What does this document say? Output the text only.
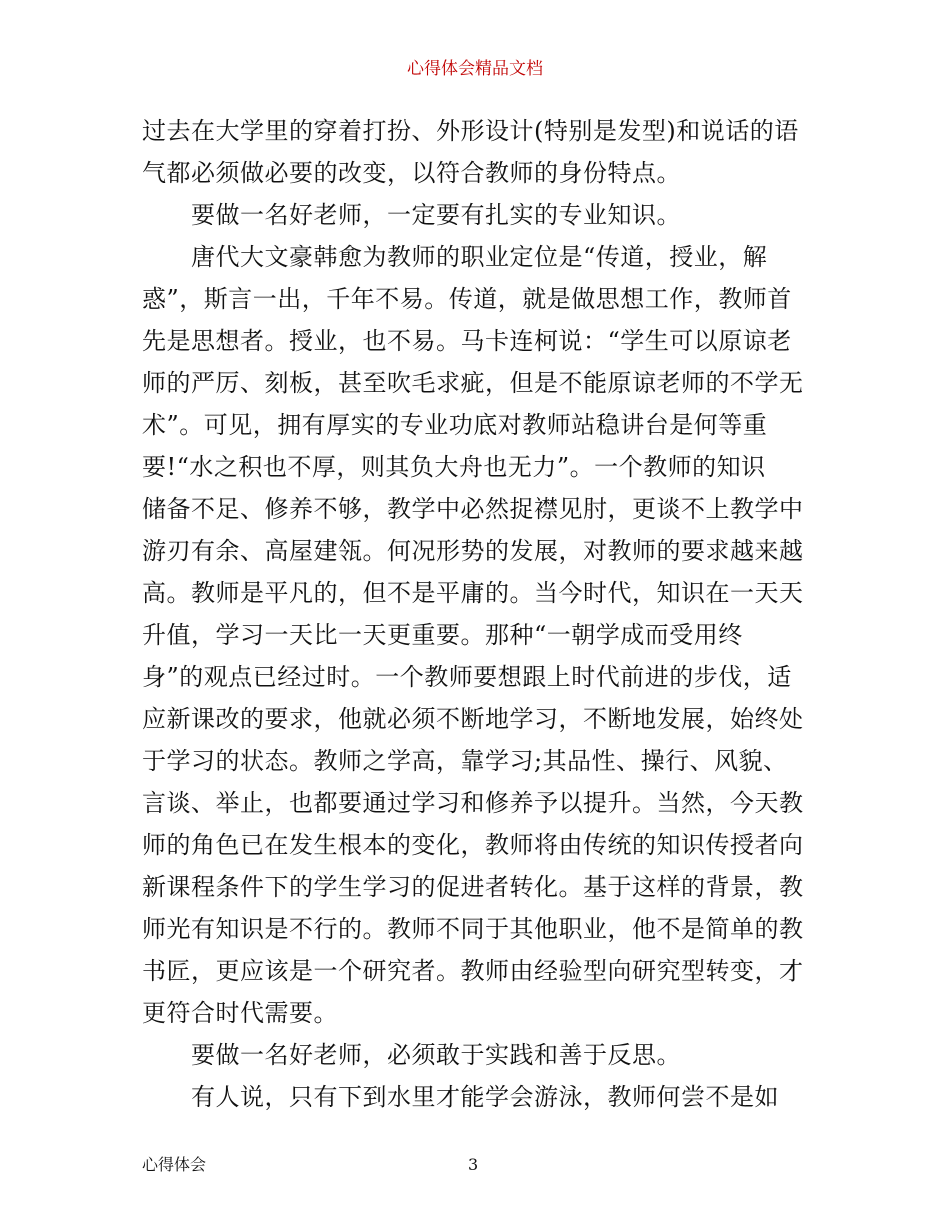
心得体会精品文档
过去在大学里的穿着打扮、外形设计(特别是发型)和说话的语
气都必须做必要的改变，以符合教师的身份特点。
　　要做一名好老师，一定要有扎实的专业知识。
　　唐代大文豪韩愈为教师的职业定位是“传道，授业，解
惑”，斯言一出，千年不易。传道，就是做思想工作，教师首
先是思想者。授业，也不易。马卡连柯说：“学生可以原谅老
师的严厉、刻板，甚至吹毛求疵，但是不能原谅老师的不学无
术”。可见，拥有厚实的专业功底对教师站稳讲台是何等重
要!“水之积也不厚，则其负大舟也无力”。一个教师的知识
储备不足、修养不够，教学中必然捉襟见肘，更谈不上教学中
游刃有余、高屋建瓴。何况形势的发展，对教师的要求越来越
高。教师是平凡的，但不是平庸的。当今时代，知识在一天天
升值，学习一天比一天更重要。那种“一朝学成而受用终
身”的观点已经过时。一个教师要想跟上时代前进的步伐，适
应新课改的要求，他就必须不断地学习，不断地发展，始终处
于学习的状态。教师之学高，靠学习;其品性、操行、风貌、
言谈、举止，也都要通过学习和修养予以提升。当然，今天教
师的角色已在发生根本的变化，教师将由传统的知识传授者向
新课程条件下的学生学习的促进者转化。基于这样的背景，教
师光有知识是不行的。教师不同于其他职业，他不是简单的教
书匠，更应该是一个研究者。教师由经验型向研究型转变，才
更符合时代需要。
　　要做一名好老师，必须敢于实践和善于反思。
　　有人说，只有下到水里才能学会游泳，教师何尝不是如
心得体会	3
